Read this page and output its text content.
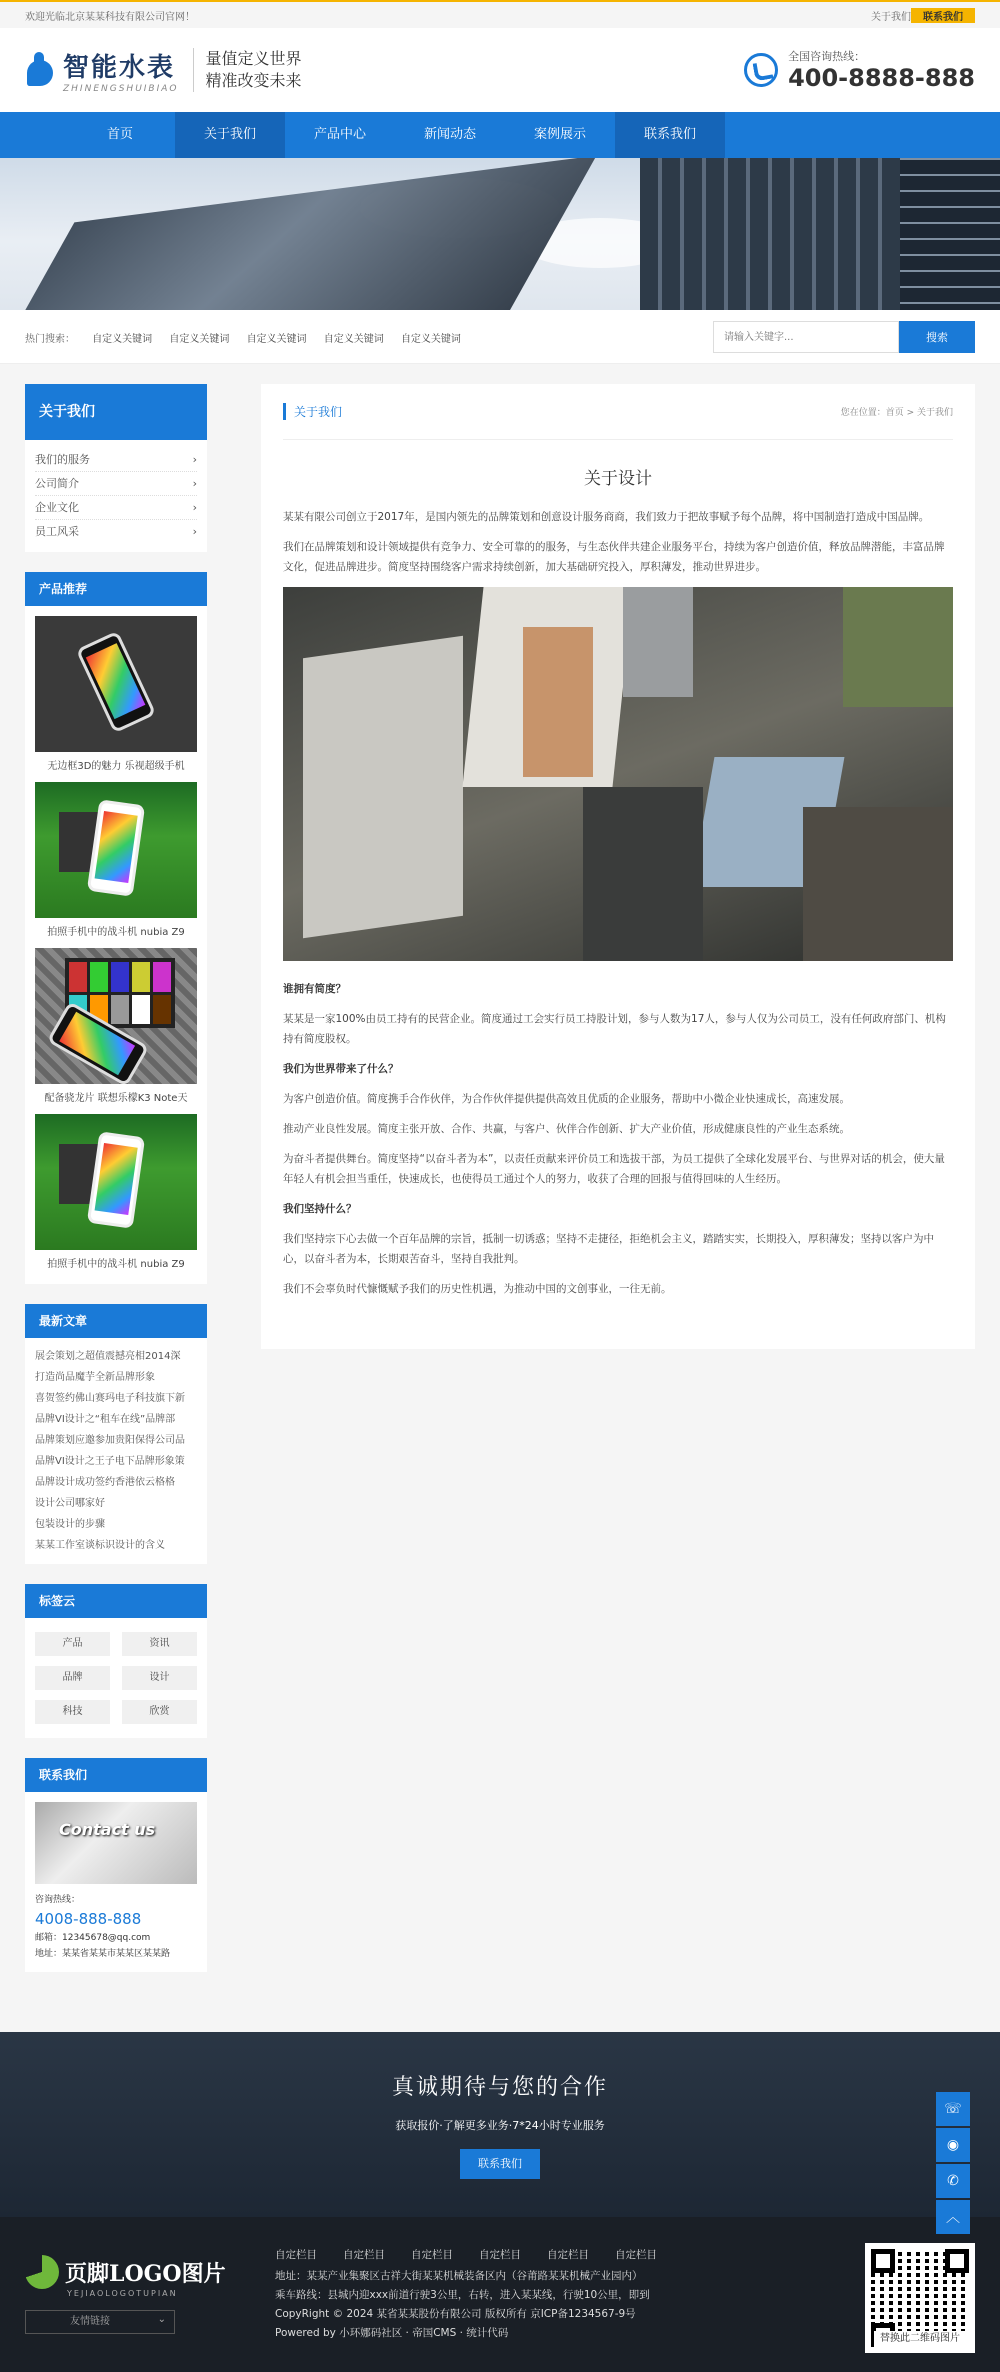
欢迎光临北京某某科技有限公司官网！	关于我们	联系我们
智能水表
ZHINENGSHUIBIAO
量值定义世界
精准改变未来
全国咨询热线：
400-8888-888
首页	关于我们	产品中心	新闻动态	案例展示	联系我们
热门搜索： 自定义关键词 自定义关键词 自定义关键词 自定义关键词 自定义关键词
请输入关键字...	搜索
关于我们
我们的服务	›
公司简介	›
企业文化	›
员工风采	›
产品推荐
无边框3D的魅力 乐视超级手机
拍照手机中的战斗机 nubia Z9
配备骁龙片 联想乐檬K3 Note天
拍照手机中的战斗机 nubia Z9
最新文章
展会策划之超值震撼亮相2014深
打造尚品魔芋全新品牌形象
喜贺签约佛山赛玛电子科技旗下新
品牌VI设计之“租车在线”品牌部
品牌策划应邀参加贵阳保得公司品
品牌VI设计之王子电下品牌形象策
品牌设计成功签约香港依云格格
设计公司哪家好
包装设计的步骤
某某工作室谈标识设计的含义
标签云
产品	资讯
品牌	设计
科技	欣赏
联系我们
Contact us
咨询热线：
4008-888-888
邮箱：12345678@qq.com
地址：某某省某某市某某区某某路
关于我们	您在位置：首页 > 关于我们
关于设计

某某有限公司创立于2017年，是国内领先的品牌策划和创意设计服务商商，我们致力于把故事赋予每个品牌，将中国制造打造成中国品牌。

我们在品牌策划和设计领域提供有竞争力、安全可靠的的服务，与生态伙伴共建企业服务平台，持续为客户创造价值，释放品牌潜能，丰富品牌文化，促进品牌进步。简度坚持围绕客户需求持续创新，加大基础研究投入，厚积薄发，推动世界进步。

谁拥有简度？

某某是一家100%由员工持有的民营企业。简度通过工会实行员工持股计划，参与人数为17人，参与人仅为公司员工，没有任何政府部门、机构持有简度股权。

我们为世界带来了什么？

为客户创造价值。简度携手合作伙伴，为合作伙伴提供提供高效且优质的企业服务，帮助中小微企业快速成长，高速发展。

推动产业良性发展。简度主张开放、合作、共赢，与客户、伙伴合作创新、扩大产业价值，形成健康良性的产业生态系统。

为奋斗者提供舞台。简度坚持“以奋斗者为本”，以责任贡献来评价员工和选拔干部，为员工提供了全球化发展平台、与世界对话的机会，使大量年轻人有机会担当重任，快速成长，也使得员工通过个人的努力，收获了合理的回报与值得回味的人生经历。

我们坚持什么？

我们坚持宗下心去做一个百年品牌的宗旨，抵制一切诱惑；坚持不走捷径，拒绝机会主义，踏踏实实，长期投入，厚积薄发；坚持以客户为中心，以奋斗者为本，长期艰苦奋斗，坚持自我批判。

我们不会辜负时代慷慨赋予我们的历史性机遇，为推动中国的文创事业，一往无前。

真诚期待与您的合作
获取报价·了解更多业务·7*24小时专业服务
联系我们
☏
◉
✆
︿
页脚LOGO图片
YEJIAOLOGOTUPIAN
友情链接 ⌄
自定栏目 自定栏目 自定栏目 自定栏目 自定栏目 自定栏目
地址：某某产业集聚区古祥大街某某机械装备区内（谷莆路某某机械产业园内）
乘车路线：县城内迎xxx前道行驶3公里，右转，进入某某线，行驶10公里，即到
CopyRight © 2024 某省某某股份有限公司 版权所有 京ICP备1234567-9号
Powered by 小环娜码社区 · 帝国CMS · 统计代码	替换此二维码图片
